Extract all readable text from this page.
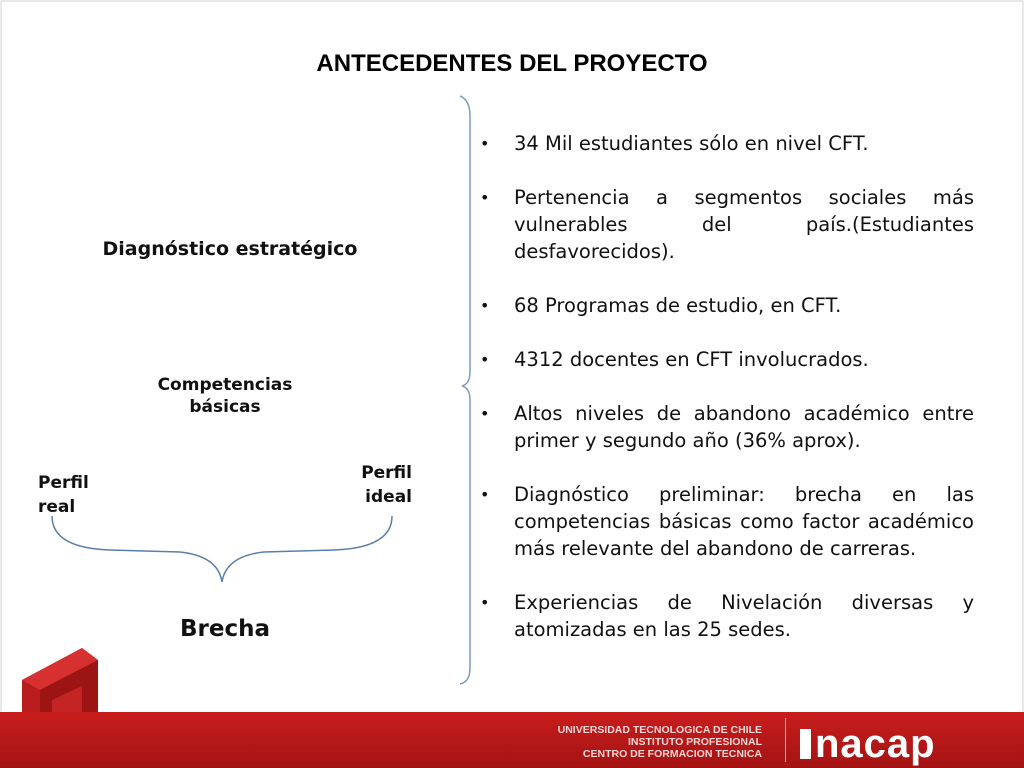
ANTECEDENTES DEL PROYECTO
Diagnóstico estratégico
Competencias
básicas
Perfil
real
Perfil
ideal
Brecha
• 34 Mil estudiantes sólo en nivel CFT.
• Pertenencia a segmentos sociales más vulnerables del país.(Estudiantes desfavorecidos).
• 68 Programas de estudio, en CFT.
• 4312 docentes en CFT involucrados.
• Altos niveles de abandono académico entre primer y segundo año (36% aprox).
• Diagnóstico preliminar: brecha en las competencias básicas como factor académico más relevante del abandono de carreras.
• Experiencias de Nivelación diversas y atomizadas en las 25 sedes.
UNIVERSIDAD TECNOLOGICA DE CHILE
INSTITUTO PROFESIONAL
CENTRO DE FORMACION TECNICA	nacap
